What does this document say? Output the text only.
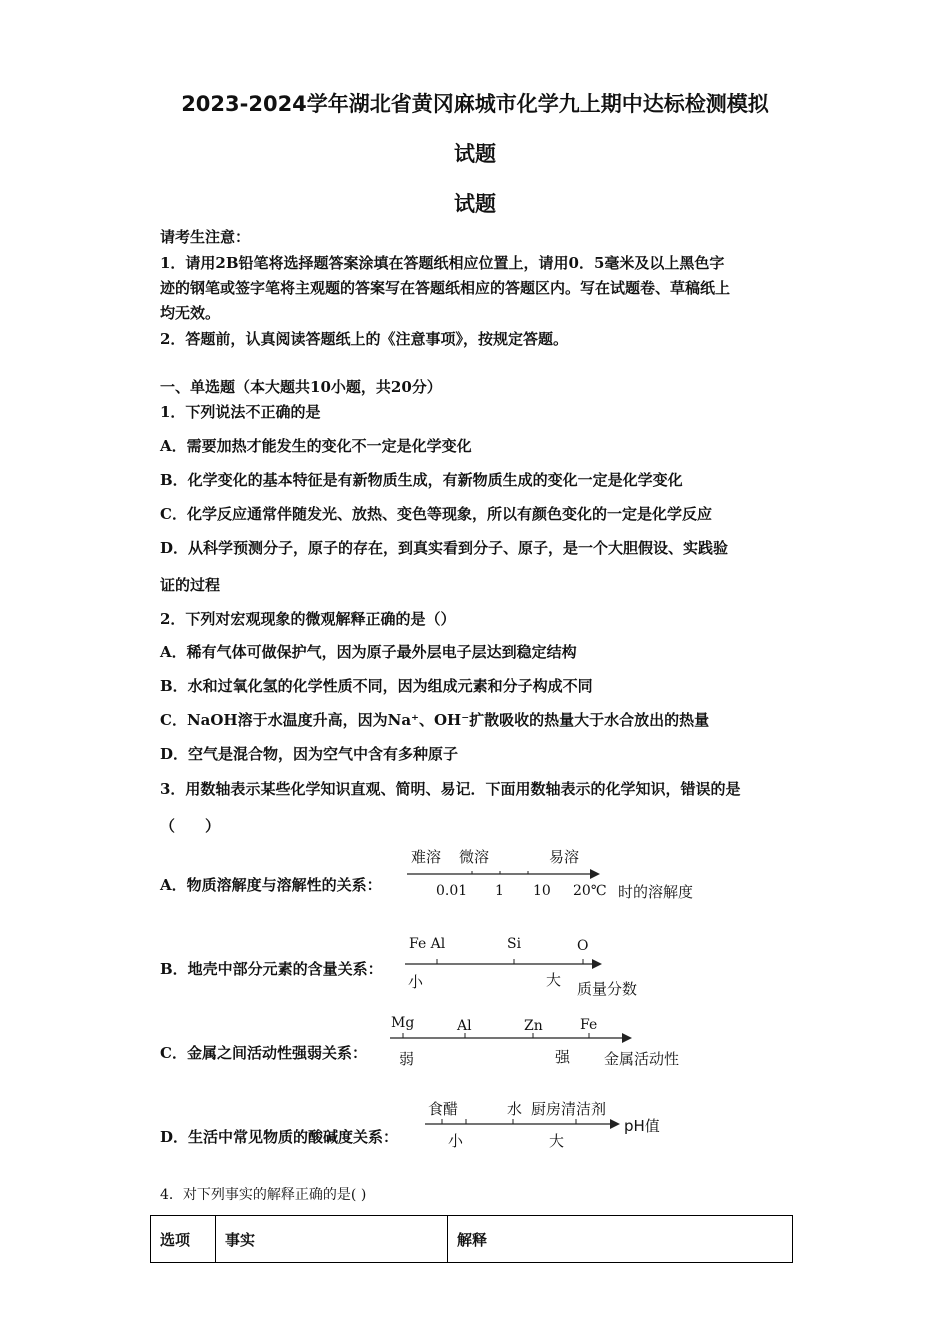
2023-2024学年湖北省黄冈麻城市化学九上期中达标检测模拟
试题
试题
请考生注意：
1．请用2B铅笔将选择题答案涂填在答题纸相应位置上，请用0．5毫米及以上黑色字
迹的钢笔或签字笔将主观题的答案写在答题纸相应的答题区内。写在试题卷、草稿纸上
均无效。
2．答题前，认真阅读答题纸上的《注意事项》，按规定答题。
一、单选题（本大题共10小题，共20分）
1．下列说法不正确的是
A．需要加热才能发生的变化不一定是化学变化
B．化学变化的基本特征是有新物质生成，有新物质生成的变化一定是化学变化
C．化学反应通常伴随发光、放热、变色等现象，所以有颜色变化的一定是化学反应
D．从科学预测分子，原子的存在，到真实看到分子、原子，是一个大胆假设、实践验
证的过程
2．下列对宏观现象的微观解释正确的是（）
A．稀有气体可做保护气，因为原子最外层电子层达到稳定结构
B．水和过氧化氢的化学性质不同，因为组成元素和分子构成不同
C．NaOH溶于水温度升高，因为Na⁺、OH⁻扩散吸收的热量大于水合放出的热量
D．空气是混合物，因为空气中含有多种原子
3．用数轴表示某些化学知识直观、简明、易记．下面用数轴表示的化学知识，错误的是
（　　）
A．物质溶解度与溶解性的关系：
难溶 微溶	易溶
0.01 1 10 20℃ 时的溶解度
B．地壳中部分元素的含量关系：
Fe Al	Si	O
小	大 质量分数
C．金属之间活动性强弱关系：
Mg	Al	Zn	Fe
弱	强 金属活动性
D．生活中常见物质的酸碱度关系：
食醋	水 厨房清洁剂
小	大
pH值
4．对下列事实的解释正确的是( )
选项	事实	解释
